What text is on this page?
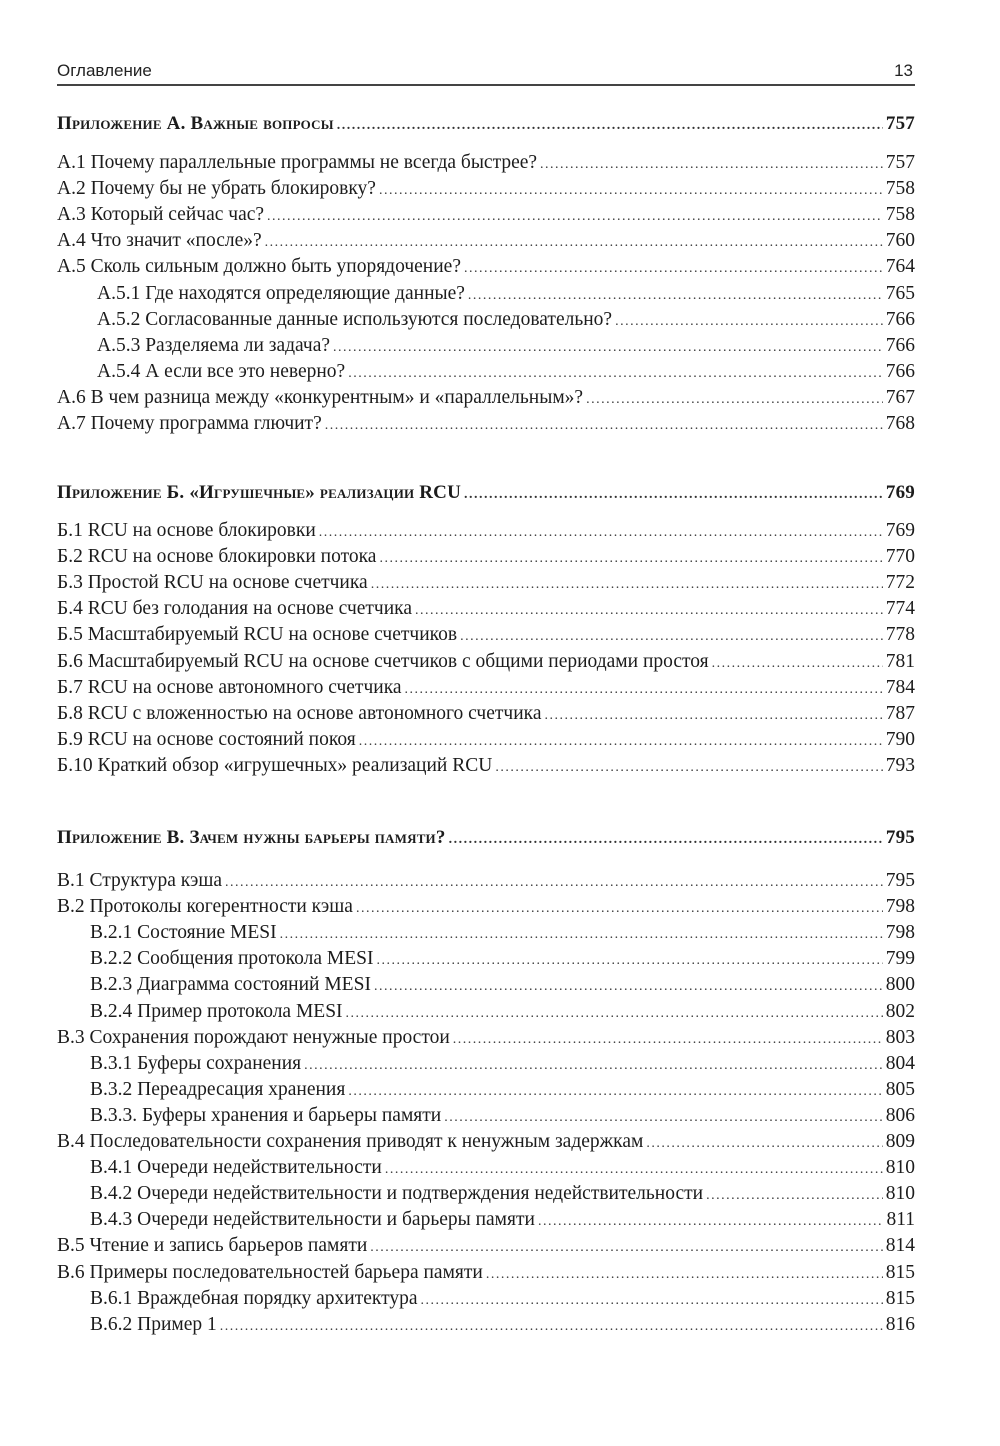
Оглавление	13
Приложение А. Важные вопросы .....	757
А.1 Почему параллельные программы не всегда быстрее? .....	757
А.2 Почему бы не убрать блокировку? .....	758
А.3 Который сейчас час? .....	758
А.4 Что значит «после»? .....	760
А.5 Сколь сильным должно быть упорядочение? .....	764
А.5.1 Где находятся определяющие данные? .....	765
А.5.2 Согласованные данные используются последовательно? .....	766
А.5.3 Разделяема ли задача? .....	766
А.5.4 А если все это неверно? .....	766
А.6 В чем разница между «конкурентным» и «параллельным»? .....	767
А.7 Почему программа глючит? .....	768
Приложение Б. «Игрушечные» реализации RCU .....	769
Б.1 RCU на основе блокировки .....	769
Б.2 RCU на основе блокировки потока .....	770
Б.3 Простой RCU на основе счетчика .....	772
Б.4 RCU без голодания на основе счетчика .....	774
Б.5 Масштабируемый RCU на основе счетчиков .....	778
Б.6 Масштабируемый RCU на основе счетчиков с общими периодами простоя .....	781
Б.7 RCU на основе автономного счетчика .....	784
Б.8 RCU с вложенностью на основе автономного счетчика .....	787
Б.9 RCU на основе состояний покоя .....	790
Б.10 Краткий обзор «игрушечных» реализаций RCU .....	793
Приложение В. Зачем нужны барьеры памяти? .....	795
В.1 Структура кэша .....	795
В.2 Протоколы когерентности кэша .....	798
В.2.1 Состояние MESI .....	798
В.2.2 Сообщения протокола MESI .....	799
В.2.3 Диаграмма состояний MESI .....	800
В.2.4 Пример протокола MESI .....	802
В.3 Сохранения порождают ненужные простои .....	803
В.3.1 Буферы сохранения .....	804
В.3.2 Переадресация хранения .....	805
В.3.3. Буферы хранения и барьеры памяти .....	806
В.4 Последовательности сохранения приводят к ненужным задержкам .....	809
В.4.1 Очереди недействительности .....	810
В.4.2 Очереди недействительности и подтверждения недействительности .....	810
В.4.3 Очереди недействительности и барьеры памяти .....	811
В.5 Чтение и запись барьеров памяти .....	814
В.6 Примеры последовательностей барьера памяти .....	815
В.6.1 Враждебная порядку архитектура .....	815
В.6.2 Пример 1 .....	816
